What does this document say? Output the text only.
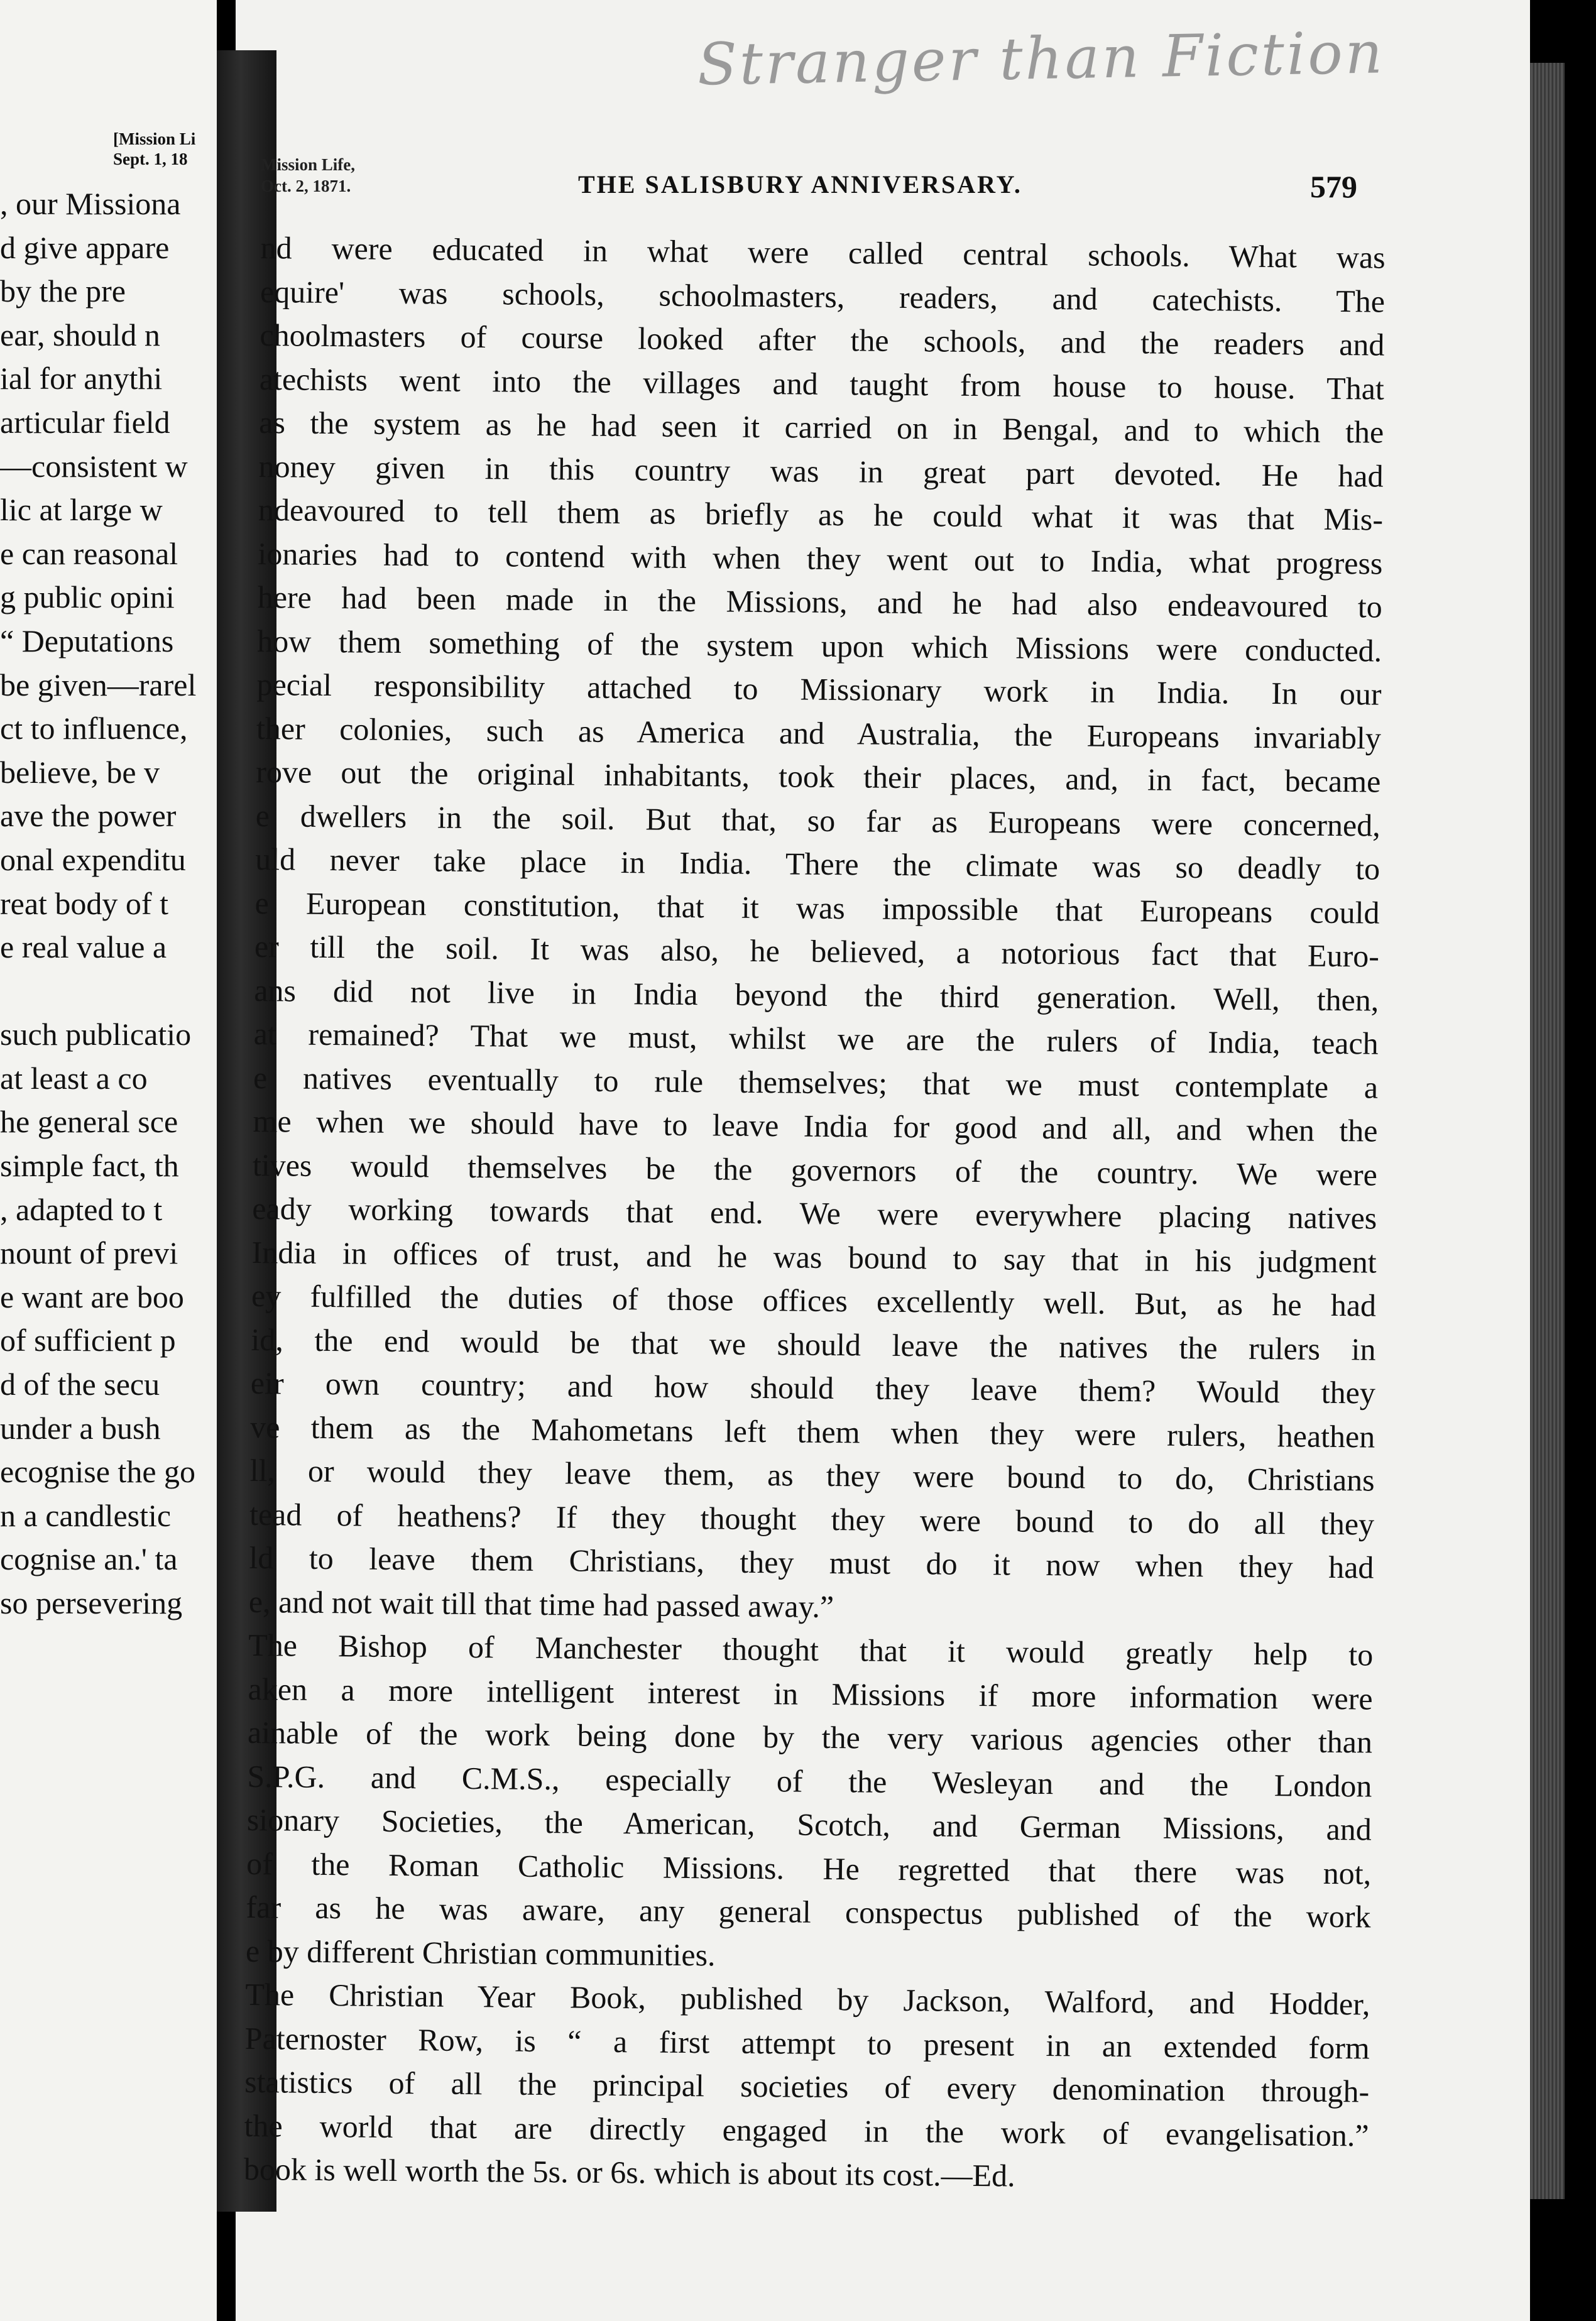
[Mission Li
Sept. 1, 18
, our Missiona
d give appare
by the pre
ear, should n
ial for anythi
articular field
—consistent w
lic at large w
e can reasonal
g public opini
“ Deputations
be given—rarel
ct to influence,
believe, be v
ave the power
onal expenditu
reat body of t
e real value a

such publicatio
at least a co
he general sce
simple fact, th
, adapted to t
nount of previ
e want are boo
of sufficient p
d of the secu
under a bush
ecognise the go
n a candlestic
cognise an.' ta
so persevering
Stranger than Fiction
Mission Life,
Oct. 2, 1871.	THE SALISBURY ANNIVERSARY.	579
nd were educated in what were called central schools. What was
equire' was schools, schoolmasters, readers, and catechists. The
choolmasters of course looked after the schools, and the readers and
atechists went into the villages and taught from house to house. That
as the system as he had seen it carried on in Bengal, and to which the
noney given in this country was in great part devoted. He had
ndeavoured to tell them as briefly as he could what it was that Mis-
ionaries had to contend with when they went out to India, what progress
here had been made in the Missions, and he had also endeavoured to
how them something of the system upon which Missions were conducted.
pecial responsibility attached to Missionary work in India. In our
ther colonies, such as America and Australia, the Europeans invariably
rove out the original inhabitants, took their places, and, in fact, became
e dwellers in the soil. But that, so far as Europeans were concerned,
uld never take place in India. There the climate was so deadly to
e European constitution, that it was impossible that Europeans could
er till the soil. It was also, he believed, a notorious fact that Euro-
ans did not live in India beyond the third generation. Well, then,
at remained? That we must, whilst we are the rulers of India, teach
e natives eventually to rule themselves; that we must contemplate a
me when we should have to leave India for good and all, and when the
tives would themselves be the governors of the country. We were
eady working towards that end. We were everywhere placing natives
India in offices of trust, and he was bound to say that in his judgment
ey fulfilled the duties of those offices excellently well. But, as he had
id, the end would be that we should leave the natives the rulers in
eir own country; and how should they leave them? Would they
ve them as the Mahometans left them when they were rulers, heathen
ll, or would they leave them, as they were bound to do, Christians
tead of heathens? If they thought they were bound to do all they
ld to leave them Christians, they must do it now when they had
e, and not wait till that time had passed away.”
The Bishop of Manchester thought that it would greatly help to
aken a more intelligent interest in Missions if more information were
ainable of the work being done by the very various agencies other than
S.P.G. and C.M.S., especially of the Wesleyan and the London
sionary Societies, the American, Scotch, and German Missions, and
of the Roman Catholic Missions. He regretted that there was not,
far as he was aware, any general conspectus published of the work
e by different Christian communities.
The Christian Year Book, published by Jackson, Walford, and Hodder,
Paternoster Row, is “ a first attempt to present in an extended form
statistics of all the principal societies of every denomination through-
the world that are directly engaged in the work of evangelisation.”
book is well worth the 5s. or 6s. which is about its cost.—Ed.
